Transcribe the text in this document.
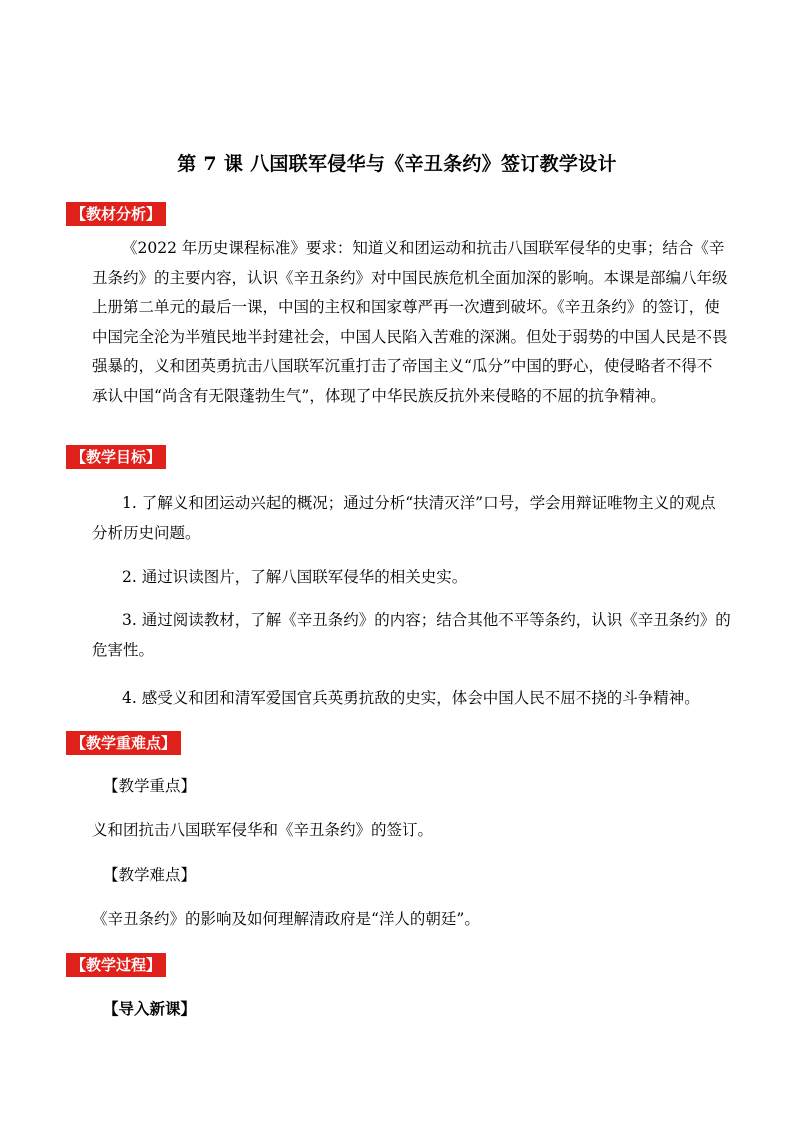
第 7 课 八国联军侵华与《辛丑条约》签订教学设计
【教材分析】
《2022 年历史课程标准》要求：知道义和团运动和抗击八国联军侵华的史事；结合《辛
丑条约》的主要内容，认识《辛丑条约》对中国民族危机全面加深的影响。本课是部编八年级
上册第二单元的最后一课，中国的主权和国家尊严再一次遭到破坏。《辛丑条约》的签订，使
中国完全沦为半殖民地半封建社会，中国人民陷入苦难的深渊。但处于弱势的中国人民是不畏
强暴的，义和团英勇抗击八国联军沉重打击了帝国主义“瓜分”中国的野心，使侵略者不得不
承认中国“尚含有无限蓬勃生气”，体现了中华民族反抗外来侵略的不屈的抗争精神。
【教学目标】
1. 了解义和团运动兴起的概况；通过分析“扶清灭洋”口号，学会用辩证唯物主义的观点
分析历史问题。
2. 通过识读图片，了解八国联军侵华的相关史实。
3. 通过阅读教材，了解《辛丑条约》的内容；结合其他不平等条约，认识《辛丑条约》的
危害性。
4. 感受义和团和清军爱国官兵英勇抗敌的史实，体会中国人民不屈不挠的斗争精神。
【教学重难点】
【教学重点】
义和团抗击八国联军侵华和《辛丑条约》的签订。
【教学难点】
《辛丑条约》的影响及如何理解清政府是“洋人的朝廷”。
【教学过程】
【导入新课】
